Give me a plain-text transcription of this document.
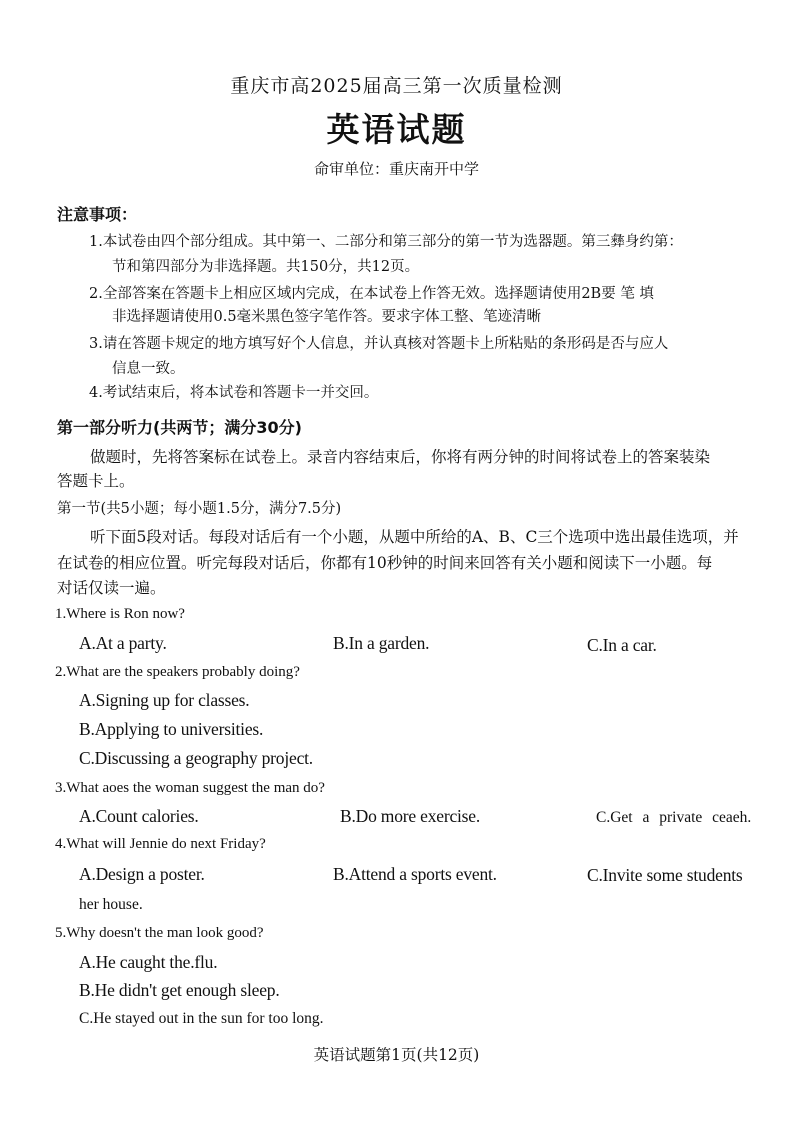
重庆市高2025届高三第一次质量检测
英语试题
命审单位：重庆南开中学
注意事项：
1.本试卷由四个部分组成。其中第一、二部分和第三部分的第一节为选器题。第三彝身约第：
节和第四部分为非选择题。共150分，共12页。
2.全部答案在答题卡上相应区域内完成，在本试卷上作答无效。选择题请使用2B要 笔 填
非选择题请使用0.5毫米黑色签字笔作答。要求字体工整、笔迹清晰
3.请在答题卡规定的地方填写好个人信息，并认真核对答题卡上所粘贴的条形码是否与应人
信息一致。
4.考试结束后，将本试卷和答题卡一并交回。
第一部分听力(共两节；满分30分)
做题时，先将答案标在试卷上。录音内容结束后，你将有两分钟的时间将试卷上的答案装染
答题卡上。
第一节(共5小题；每小题1.5分，满分7.5分)
听下面5段对话。每段对话后有一个小题，从题中所给的A、B、C三个选项中选出最佳选项，并
在试卷的相应位置。听完每段对话后，你都有10秒钟的时间来回答有关小题和阅读下一小题。每
对话仅读一遍。
1.Where is Ron now?
A.At a party.	B.In a garden.	C.In a car.
2.What are the speakers probably doing?
A.Signing up for classes.
B.Applying to universities.
C.Discussing a geography project.
3.What aoes the woman suggest the man do?
A.Count calories.	B.Do more exercise.	C.Get a private ceaeh.
4.What will Jennie do next Friday?
A.Design a poster.	B.Attend a sports event.	C.Invite some students
her house.
5.Why doesn't the man look good?
A.He caught the.flu.
B.He didn't get enough sleep.
C.He stayed out in the sun for too long.
英语试题第1页(共12页)
